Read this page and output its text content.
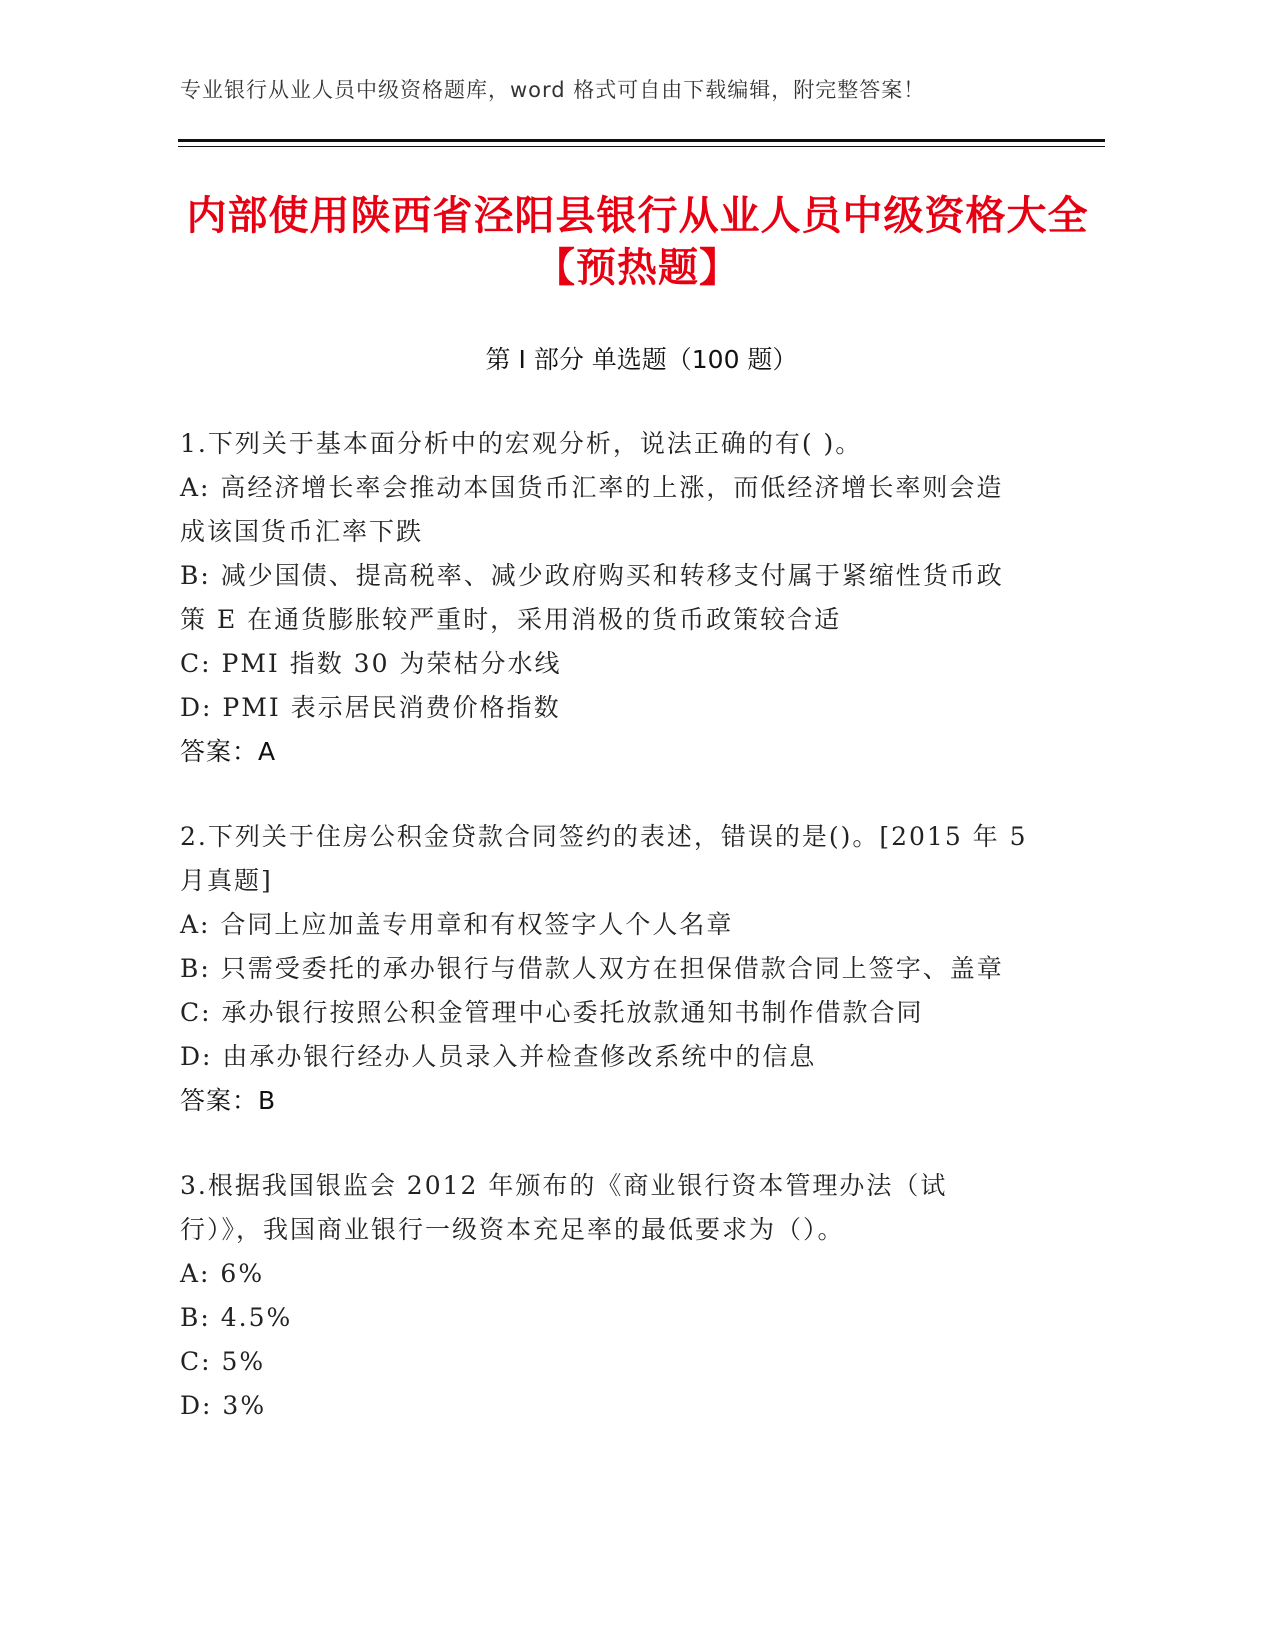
专业银行从业人员中级资格题库，word 格式可自由下载编辑，附完整答案！
内部使用陕西省泾阳县银行从业人员中级资格大全【预热题】
第 I 部分 单选题（100 题）
1.下列关于基本面分析中的宏观分析，说法正确的有( )。
A: 高经济增长率会推动本国货币汇率的上涨，而低经济增长率则会造成该国货币汇率下跌
B: 减少国债、提高税率、减少政府购买和转移支付属于紧缩性货币政策 E 在通货膨胀较严重时，采用消极的货币政策较合适
C: PMI 指数 30 为荣枯分水线
D: PMI 表示居民消费价格指数
答案：A
2.下列关于住房公积金贷款合同签约的表述，错误的是()。[2015 年 5 月真题]
A: 合同上应加盖专用章和有权签字人个人名章
B: 只需受委托的承办银行与借款人双方在担保借款合同上签字、盖章
C: 承办银行按照公积金管理中心委托放款通知书制作借款合同
D: 由承办银行经办人员录入并检查修改系统中的信息
答案：B
3.根据我国银监会 2012 年颁布的《商业银行资本管理办法（试行）》，我国商业银行一级资本充足率的最低要求为（）。
A: 6%
B: 4.5%
C: 5%
D: 3%
